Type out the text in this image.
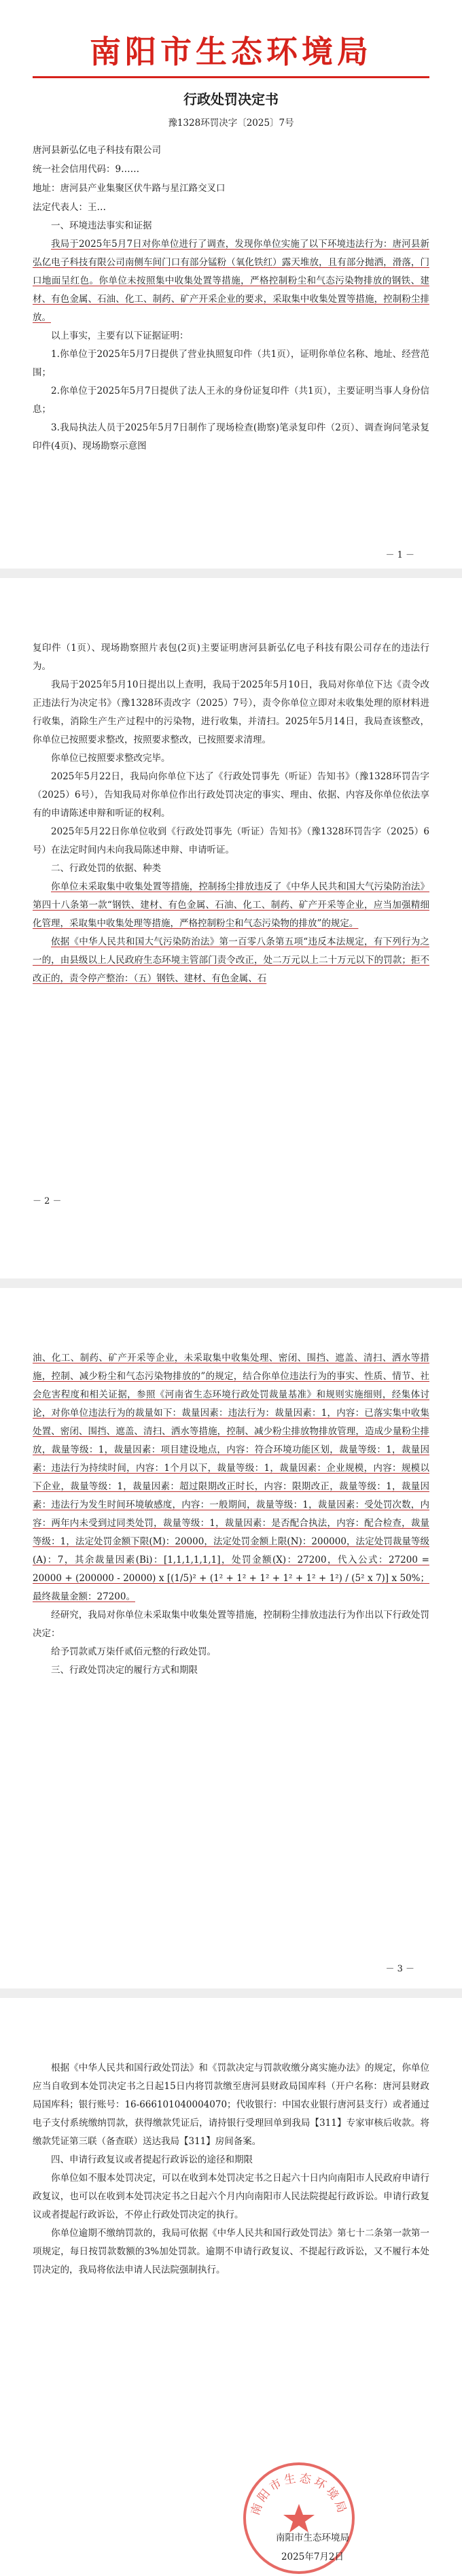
南阳市生态环境局
行政处罚决定书
豫1328环罚决字〔2025〕7号

唐河县新弘亿电子科技有限公司

统一社会信用代码：9……

地址：唐河县产业集聚区伏牛路与星江路交叉口

法定代表人：王…

一、环境违法事实和证据

我局于2025年5月7日对你单位进行了调查，发现你单位实施了以下环境违法行为：唐河县新弘亿电子科技有限公司南侧车间门口有部分锰粉（氧化铁红）露天堆放，且有部分抛洒，滑落，门口地面呈红色。你单位未按照集中收集处置等措施，严格控制粉尘和气态污染物排放的钢铁、建材、有色金属、石油、化工、制药、矿产开采企业的要求，采取集中收集处置等措施，控制粉尘排放。

以上事实，主要有以下证据证明：

1.你单位于2025年5月7日提供了营业执照复印件（共1页），证明你单位名称、地址、经营范围；

2.你单位于2025年5月7日提供了法人王永的身份证复印件（共1页），主要证明当事人身份信息；

3.我局执法人员于2025年5月7日制作了现场检查(勘察)笔录复印件（2页）、调查询问笔录复印件(4页)、现场勘察示意图

－ 1 －

复印件（1页）、现场勘察照片表包(2页)主要证明唐河县新弘亿电子科技有限公司存在的违法行为。

我局于2025年5月10日提出以上查明，我局于2025年5月10日，我局对你单位下达《责令改正违法行为决定书》（豫1328环责改字（2025）7号），责令你单位立即对未收集处理的原材料进行收集，消除生产生产过程中的污染物，进行收集，并清扫。2025年5月14日，我局查该整改，你单位已按照要求整改，按照要求整改，已按照要求清理。

你单位已按照要求整改完毕。

2025年5月22日，我局向你单位下达了《行政处罚事先（听证）告知书》（豫1328环罚告字（2025）6号），告知我局对你单位作出行政处罚决定的事实、理由、依据、内容及你单位依法享有的申请陈述申辩和听证的权利。

2025年5月22日你单位收到《行政处罚事先（听证）告知书》（豫1328环罚告字（2025）6号）在法定时间内未向我局陈述申辩、申请听证。

二、行政处罚的依据、种类

你单位未采取集中收集处置等措施，控制扬尘排放违反了《中华人民共和国大气污染防治法》第四十八条第一款“钢铁、建材、有色金属、石油、化工、制药、矿产开采等企业，应当加强精细化管理，采取集中收集处理等措施，严格控制粉尘和气态污染物的排放”的规定。

依据《中华人民共和国大气污染防治法》第一百零八条第五项“违反本法规定，有下列行为之一的，由县级以上人民政府生态环境主管部门责令改正，处二万元以上二十万元以下的罚款；拒不改正的，责令停产整治：（五）钢铁、建材、有色金属、石

－ 2 －

油、化工、制药、矿产开采等企业，未采取集中收集处理、密闭、围挡、遮盖、清扫、洒水等措施，控制、减少粉尘和气态污染物排放的”的规定，结合你单位违法行为的事实、性质、情节、社会危害程度和相关证据，参照《河南省生态环境行政处罚裁量基准》和规则实施细则，经集体讨论，对你单位违法行为的裁量如下：裁量因素：违法行为：裁量因素：1，内容：已落实集中收集处置、密闭、围挡、遮盖、清扫、洒水等措施，控制、减少粉尘排放物排放管理，造成少量粉尘排放，裁量等级：1，裁量因素：项目建设地点，内容：符合环境功能区划，裁量等级：1，裁量因素：违法行为持续时间，内容：1个月以下，裁量等级：1，裁量因素：企业规模，内容：规模以下企业，裁量等级：1，裁量因素：超过限期改正时长，内容：限期改正，裁量等级：1，裁量因素：违法行为发生时间环境敏感度，内容：一般期间，裁量等级：1，裁量因素：受处罚次数，内容：两年内未受到过同类处罚，裁量等级：1，裁量因素：是否配合执法，内容：配合检查，裁量等级：1，法定处罚金额下限(M)：20000，法定处罚金额上限(N)：200000，法定处罚裁量等级(A)：7，其余裁量因素(Bi)：[1,1,1,1,1,1]，处罚金额(X)：27200，代入公式：27200 = 20000 + (200000 - 20000) x [(1/5)² + (1² + 1² + 1² + 1² + 1² + 1²) / (5² x 7)] x 50%；最终裁量金额：27200。

经研究，我局对你单位未采取集中收集处置等措施，控制粉尘排放违法行为作出以下行政处罚决定：

给予罚款贰万柒仟贰佰元整的行政处罚。

三、行政处罚决定的履行方式和期限

－ 3 －

根据《中华人民共和国行政处罚法》和《罚款决定与罚款收缴分离实施办法》的规定，你单位应当自收到本处罚决定书之日起15日内将罚款缴至唐河县财政局国库科（开户名称：唐河县财政局国库科；银行账号：16-666101040004070；代收银行：中国农业银行唐河县支行）或者通过电子支付系统缴纳罚款，获得缴款凭证后，请持银行受理回单到我局【311】专家审核后收款。将缴款凭证第三联（备查联）送达我局【311】房间备案。

四、申请行政复议或者提起行政诉讼的途径和期限

你单位如不服本处罚决定，可以在收到本处罚决定书之日起六十日内向南阳市人民政府申请行政复议，也可以在收到本处罚决定书之日起六个月内向南阳市人民法院提起行政诉讼。申请行政复议或者提起行政诉讼，不停止行政处罚决定的执行。

你单位逾期不缴纳罚款的，我局可依据《中华人民共和国行政处罚法》第七十二条第一款第一项规定，每日按罚款数额的3%加处罚款。逾期不申请行政复议、不提起行政诉讼，又不履行本处罚决定的，我局将依法申请人民法院强制执行。

南阳市生态环境局
南阳市生态环境局
2025年7月2日
